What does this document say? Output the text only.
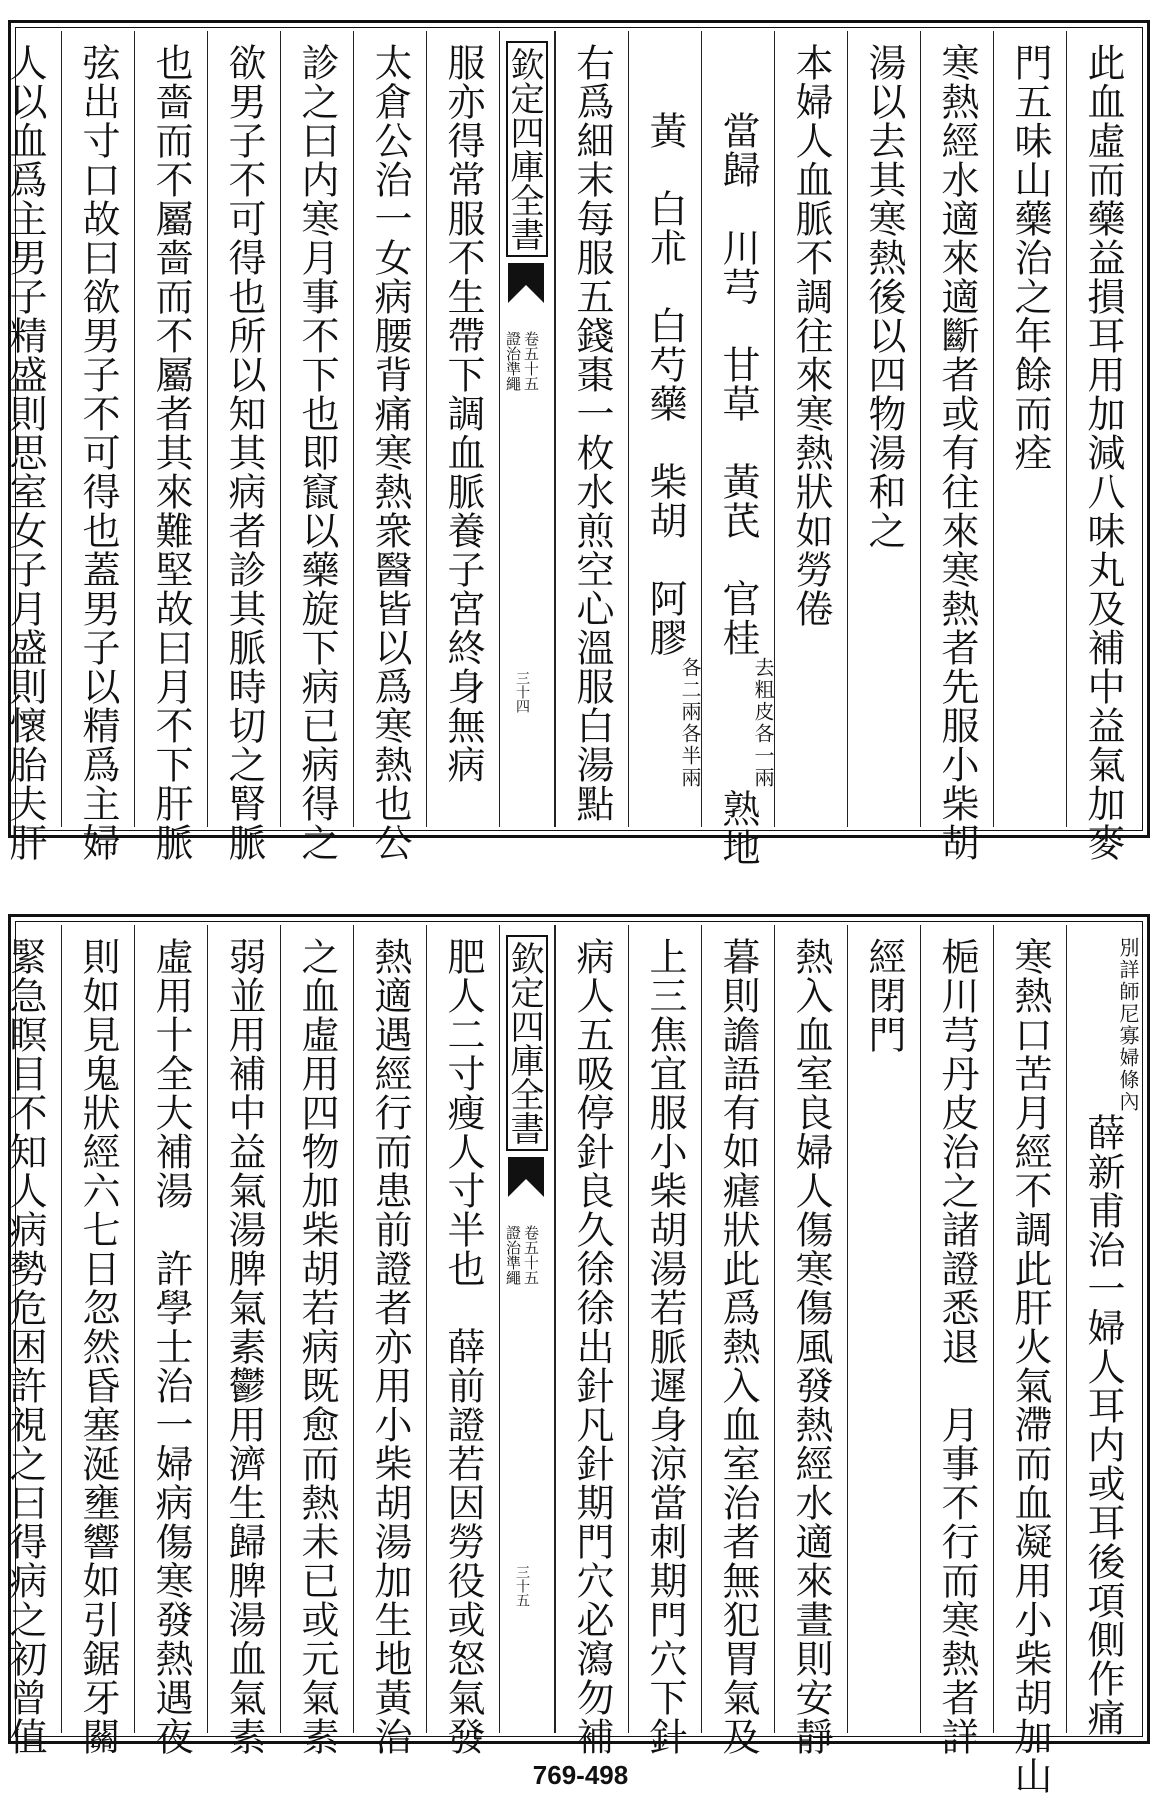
此血虛而藥益損耳用加減八味丸及補中益氣加麥
門五味山藥治之年餘而痊
寒熱經水適來適斷者或有往來寒熱者先服小柴胡
湯以去其寒熱後以四物湯和之
本婦人血脈不調往來寒熱狀如勞倦
當歸　川芎　甘草　黃芪　官桂去粗皮各一兩熟地
黃　白朮　白芍藥　柴胡　阿膠各二兩各半兩
右爲細末每服五錢棗一枚水煎空心溫服白湯點
欽定四庫全書
證治準繩 卷五十五
三十四
服亦得常服不生帶下調血脈養子宮終身無病
太倉公治一女病腰背痛寒熱衆醫皆以爲寒熱也公
診之曰内寒月事不下也即竄以藥旋下病已病得之
欲男子不可得也所以知其病者診其脈時切之腎脈
也嗇而不屬嗇而不屬者其來難堅故曰月不下肝脈
弦出寸口故曰欲男子不可得也蓋男子以精爲主婦
人以血爲主男子精盛則思室女子月盛則懷胎夫肝
別詳師尼寡婦條內薛新甫治一婦人耳内或耳後項側作痛
寒熱口苦月經不調此肝火氣滯而血凝用小柴胡加山
梔川芎丹皮治之諸證悉退　月事不行而寒熱者詳
經閉門
熱入血室良婦人傷寒傷風發熱經水適來晝則安靜
暮則譫語有如瘧狀此爲熱入血室治者無犯胃氣及
上三焦宜服小柴胡湯若脈遲身涼當刺期門穴下針
病人五吸停針良久徐徐出針凡針期門穴必瀉勿補
欽定四庫全書
證治準繩 卷五十五
三十五
肥人二寸瘦人寸半也　薛前證若因勞役或怒氣發
熱適遇經行而患前證者亦用小柴胡湯加生地黃治
之血虛用四物加柴胡若病既愈而熱未已或元氣素
弱並用補中益氣湯脾氣素鬱用濟生歸脾湯血氣素
虛用十全大補湯　許學士治一婦病傷寒發熱遇夜
則如見鬼狀經六七日忽然昏塞涎壅響如引鋸牙關
緊急瞑目不知人病勢危困許視之曰得病之初曾值
769-498
